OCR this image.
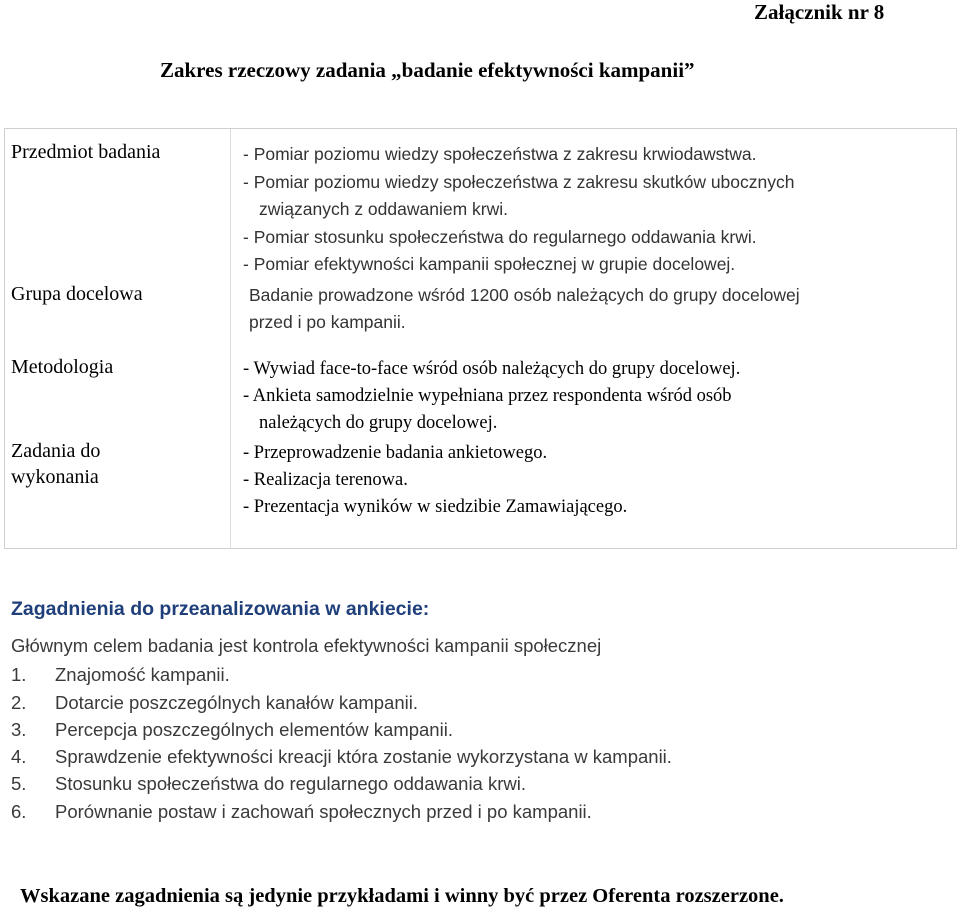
Załącznik nr 8
Zakres rzeczowy zadania „badanie efektywności kampanii”
Przedmiot badania
Grupa docelowa
Metodologia
Zadania do
wykonania
- Pomiar poziomu wiedzy społeczeństwa z zakresu krwiodawstwa.
- Pomiar poziomu wiedzy społeczeństwa z zakresu skutków ubocznych
związanych z oddawaniem krwi.
- Pomiar stosunku społeczeństwa do regularnego oddawania krwi.
- Pomiar efektywności kampanii społecznej w grupie docelowej.
Badanie prowadzone wśród 1200 osób należących do grupy docelowej
przed i po kampanii.
- Wywiad face-to-face wśród osób należących do grupy docelowej.
- Ankieta samodzielnie wypełniana przez respondenta wśród osób
należących do grupy docelowej.
- Przeprowadzenie badania ankietowego.
- Realizacja terenowa.
- Prezentacja wyników w siedzibie Zamawiającego.
Zagadnienia do przeanalizowania w ankiecie:
Głównym celem badania jest kontrola efektywności kampanii społecznej
1. Znajomość kampanii.
2. Dotarcie poszczególnych kanałów kampanii.
3. Percepcja poszczególnych elementów kampanii.
4. Sprawdzenie efektywności kreacji która zostanie wykorzystana w kampanii.
5. Stosunku społeczeństwa do regularnego oddawania krwi.
6. Porównanie postaw i zachowań społecznych przed i po kampanii.
Wskazane zagadnienia są jedynie przykładami i winny być przez Oferenta rozszerzone.
